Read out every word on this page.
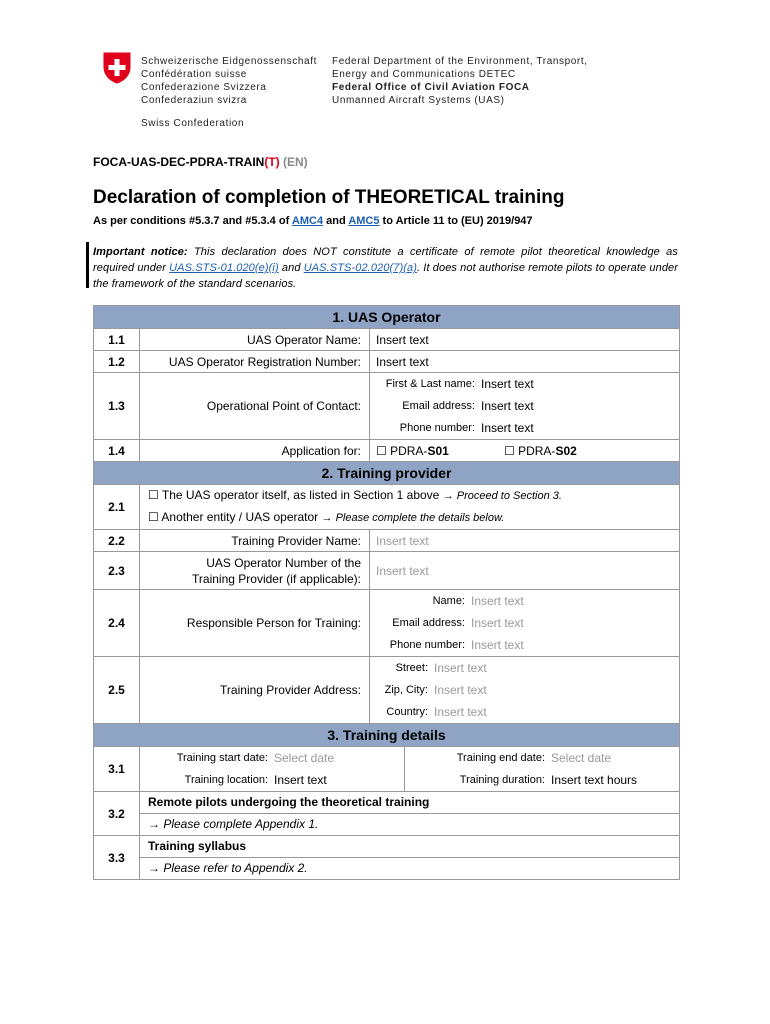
Schweizerische Eidgenossenschaft
Confédération suisse
Confederazione Svizzera
Confederaziun svizra
Swiss Confederation
Federal Department of the Environment, Transport,
Energy and Communications DETEC
Federal Office of Civil Aviation FOCA
Unmanned Aircraft Systems (UAS)
FOCA-UAS-DEC-PDRA-TRAIN(T) (EN)
Declaration of completion of THEORETICAL training
As per conditions #5.3.7 and #5.3.4 of AMC4 and AMC5 to Article 11 to (EU) 2019/947
Important notice: This declaration does NOT constitute a certificate of remote pilot theoretical knowledge as required under UAS.STS-01.020(e)(i) and UAS.STS-02.020(7)(a). It does not authorise remote pilots to operate under the framework of the standard scenarios.
1. UAS Operator
1.1	UAS Operator Name:	Insert text
1.2	UAS Operator Registration Number:	Insert text
1.3	Operational Point of Contact:	
First & Last name:	Insert text
Email address:	Insert text
Phone number:	Insert text

1.4	Application for:	☐ PDRA-S01	☐ PDRA-S02
2. Training provider
2.1	
☐ The UAS operator itself, as listed in Section 1 above → Proceed to Section 3.
☐ Another entity / UAS operator → Please complete the details below.

2.2	Training Provider Name:	Insert text
2.3	
UAS Operator Number of the
Training Provider (if applicable):
	Insert text
2.4	Responsible Person for Training:	
Name:	Insert text
Email address:	Insert text
Phone number:	Insert text

2.5	Training Provider Address:	
Street:	Insert text
Zip, City:	Insert text
Country:	Insert text

3. Training details
3.1	
Training start date:	Select date	Training end date:	Select date
Training location:	Insert text	Training duration:	Insert text hours

3.2	
Remote pilots undergoing the theoretical training
→ Please complete Appendix 1.

3.3	
Training syllabus
→ Please refer to Appendix 2.
